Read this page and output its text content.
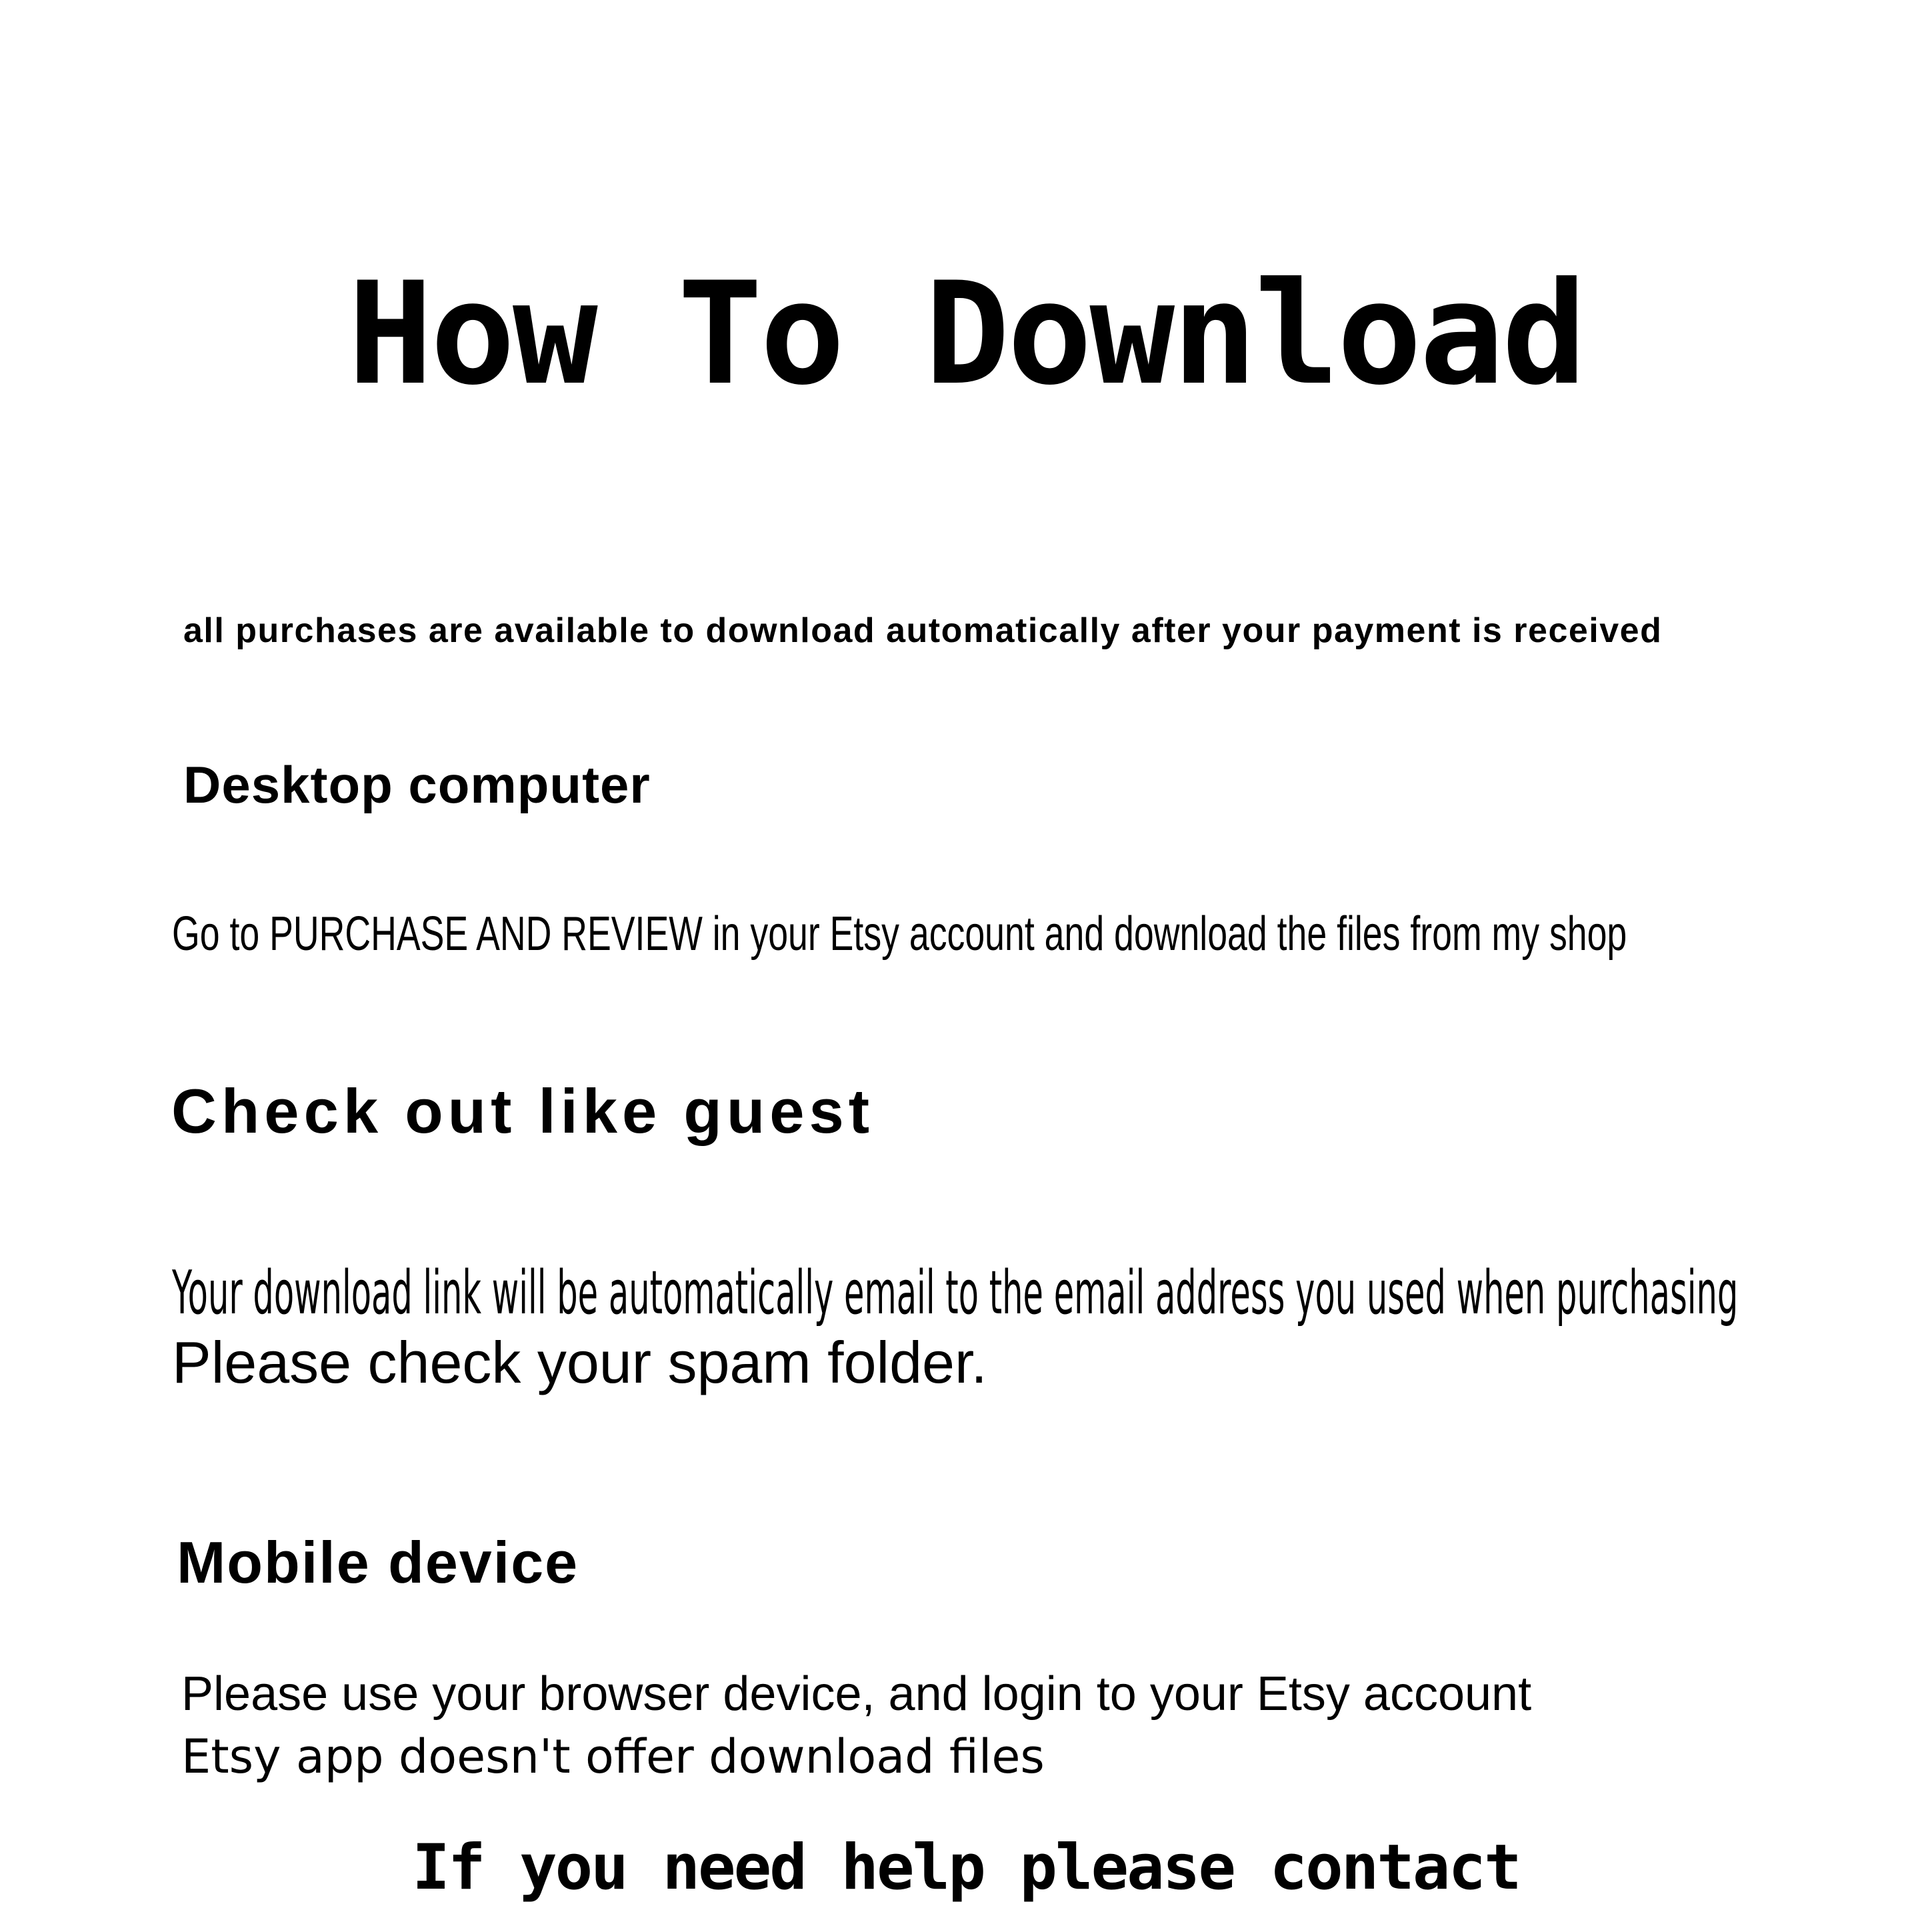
How To Download

all purchases are available to download automatically after your payment is received

Desktop computer

Go to PURCHASE AND REVIEW in your Etsy account and download the files from my shop

Check out like guest

Your download link will be automatically email to the email address you used when purchasing

Please check your spam folder.

Mobile device

Please use your browser device, and login to your Etsy account

Etsy app doesn't offer download files

If you need help please contact
